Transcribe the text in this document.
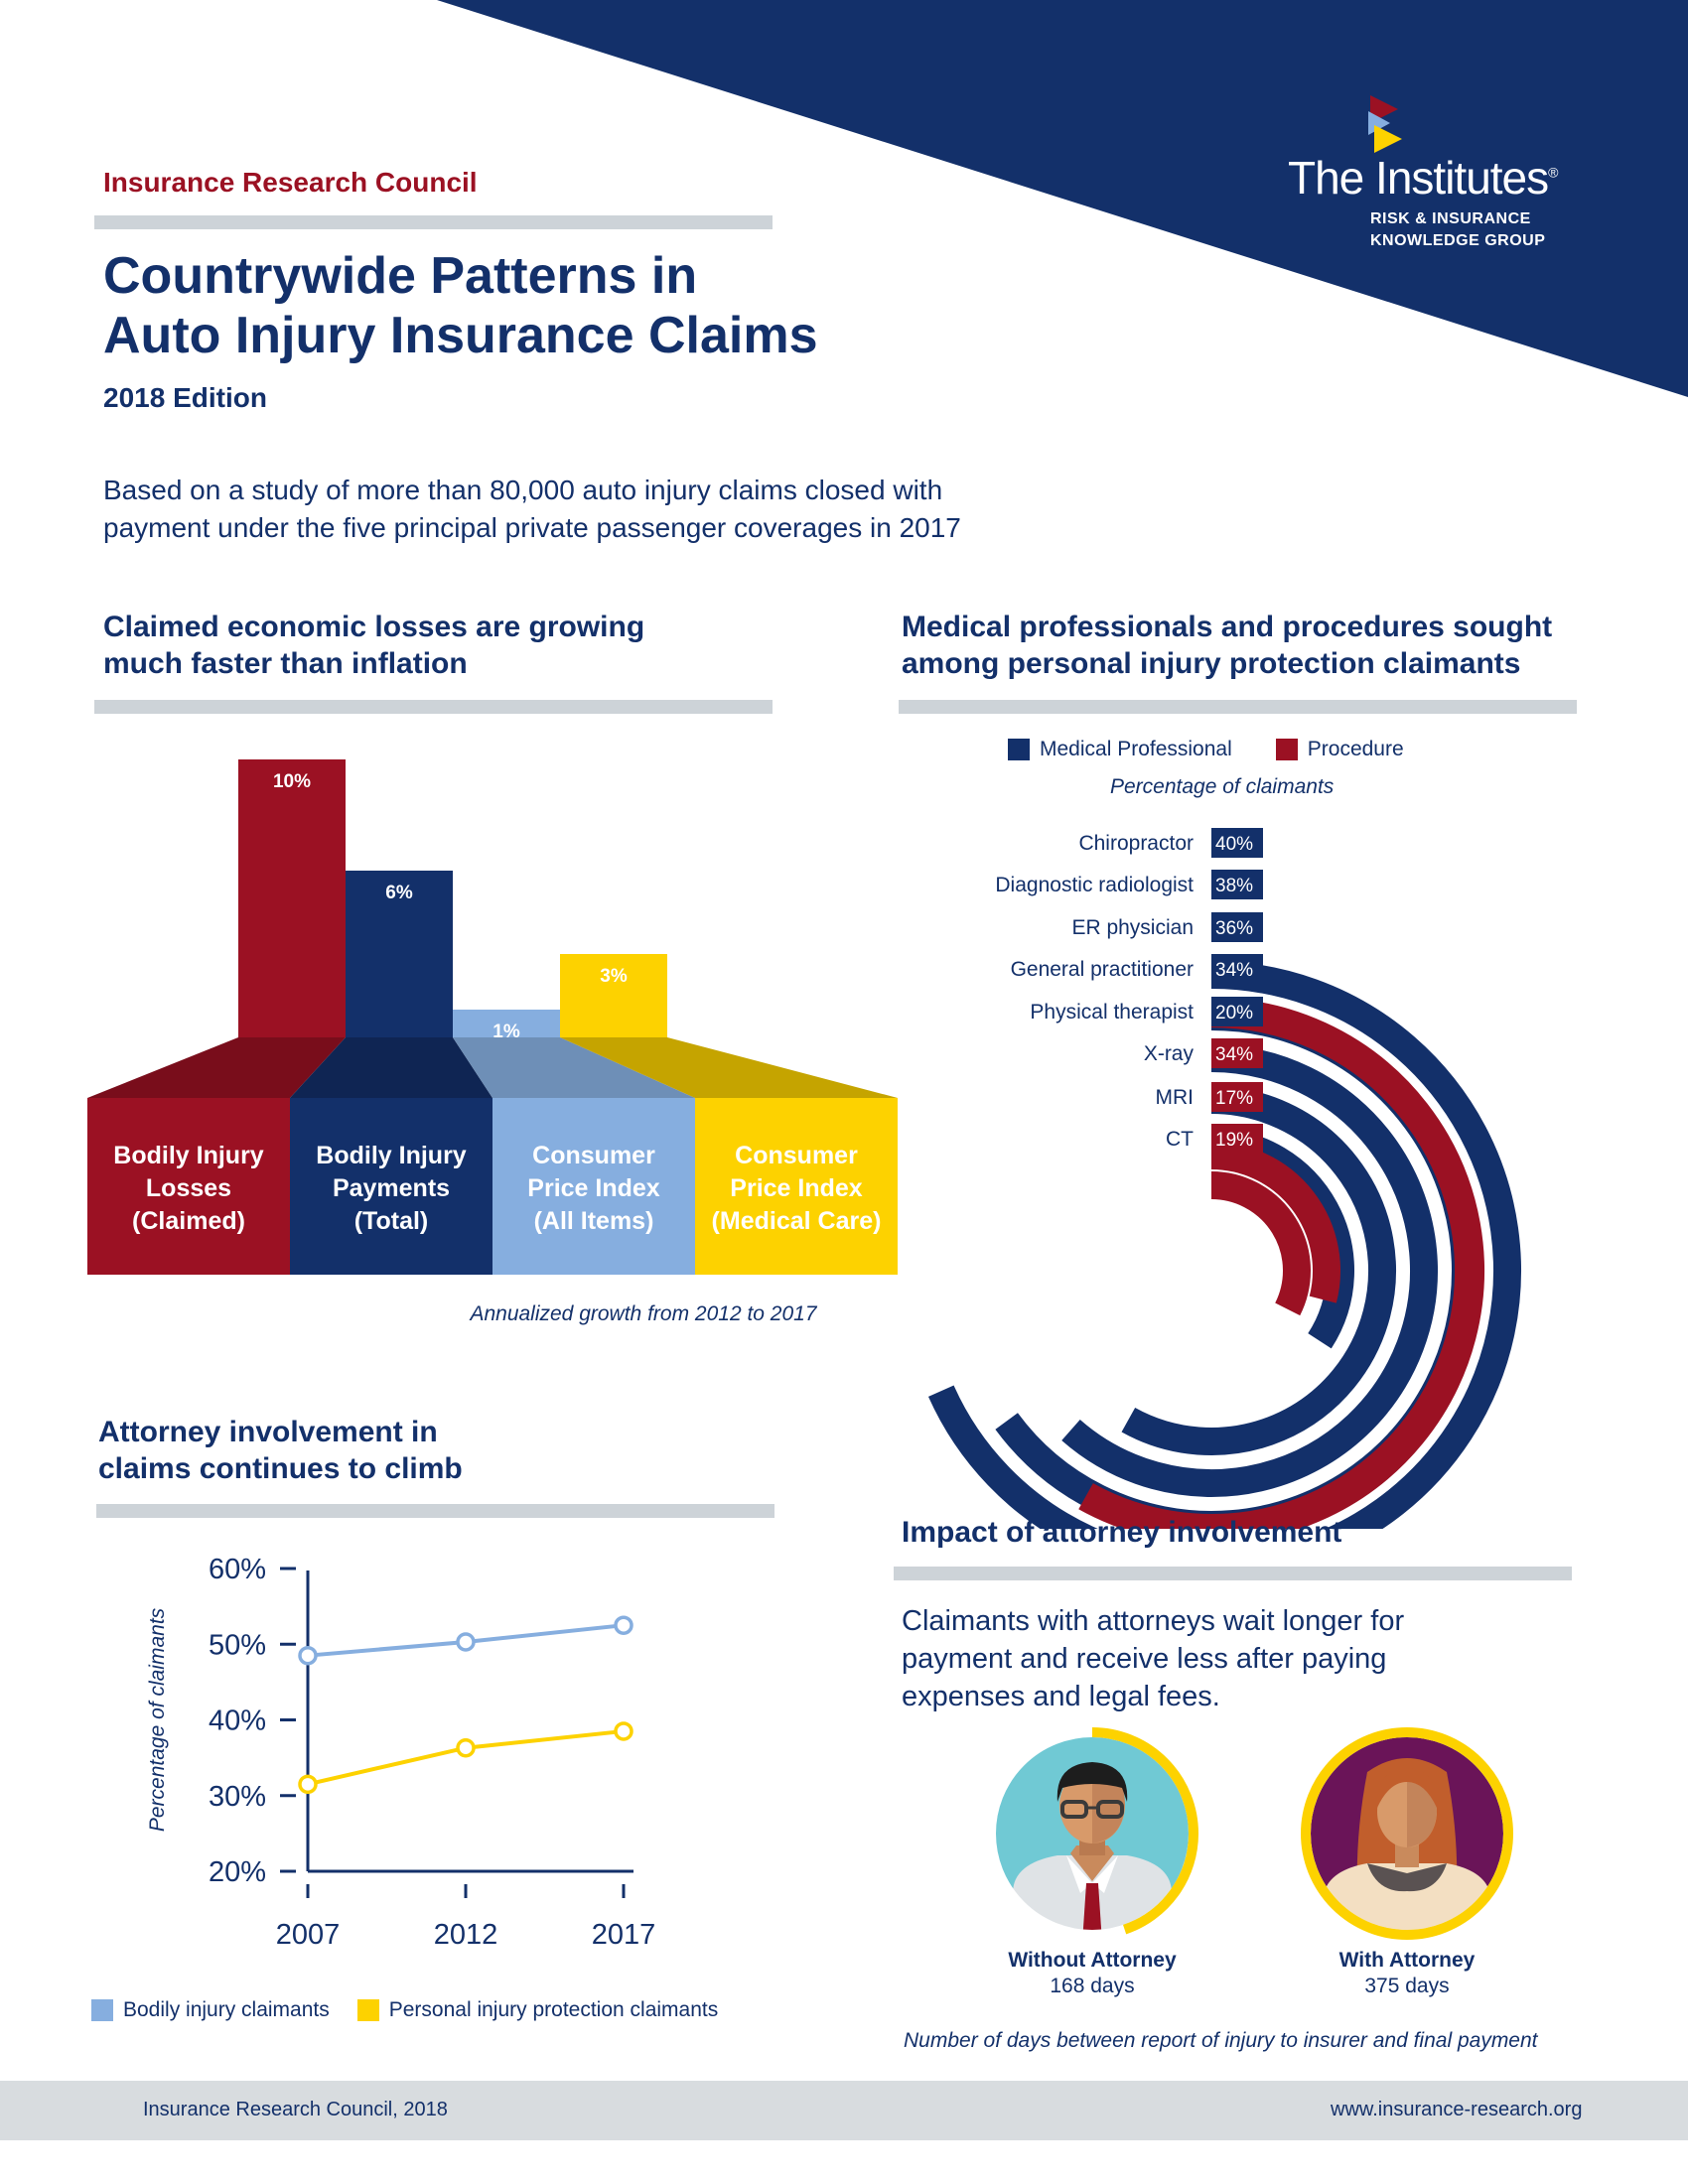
The Institutes®
RISK & INSURANCE
KNOWLEDGE GROUP
Insurance Research Council
Countrywide Patterns in
Auto Injury Insurance Claims
2018 Edition
Based on a study of more than 80,000 auto injury claims closed with
payment under the five principal private passenger coverages in 2017
Claimed economic losses are growing
much faster than inflation
10%
Bodily Injury Losses (Claimed)
6%
Bodily Injury Payments (Total)
1%
Consumer Price Index (All Items)
3%
Consumer Price Index (Medical Care)
Annualized growth from 2012 to 2017
Medical professionals and procedures sought
among personal injury protection claimants
Medical Professional	Procedure
Percentage of claimants
Chiropractor 40%
Diagnostic radiologist 38%
ER physician 36%
General practitioner 34%
Physical therapist 20%
X-ray 34%
MRI 17%
CT 19%
Attorney involvement in
claims continues to climb
20%
30%
40%
50%
60%
2007	2012	2017
Percentage of claimants
Bodily injury claimants	Personal injury protection claimants
Impact of attorney involvement
Claimants with attorneys wait longer for
payment and receive less after paying
expenses and legal fees.
Without Attorney
168 days
With Attorney
375 days
Number of days between report of injury to insurer and final payment
Insurance Research Council, 2018	www.insurance-research.org
